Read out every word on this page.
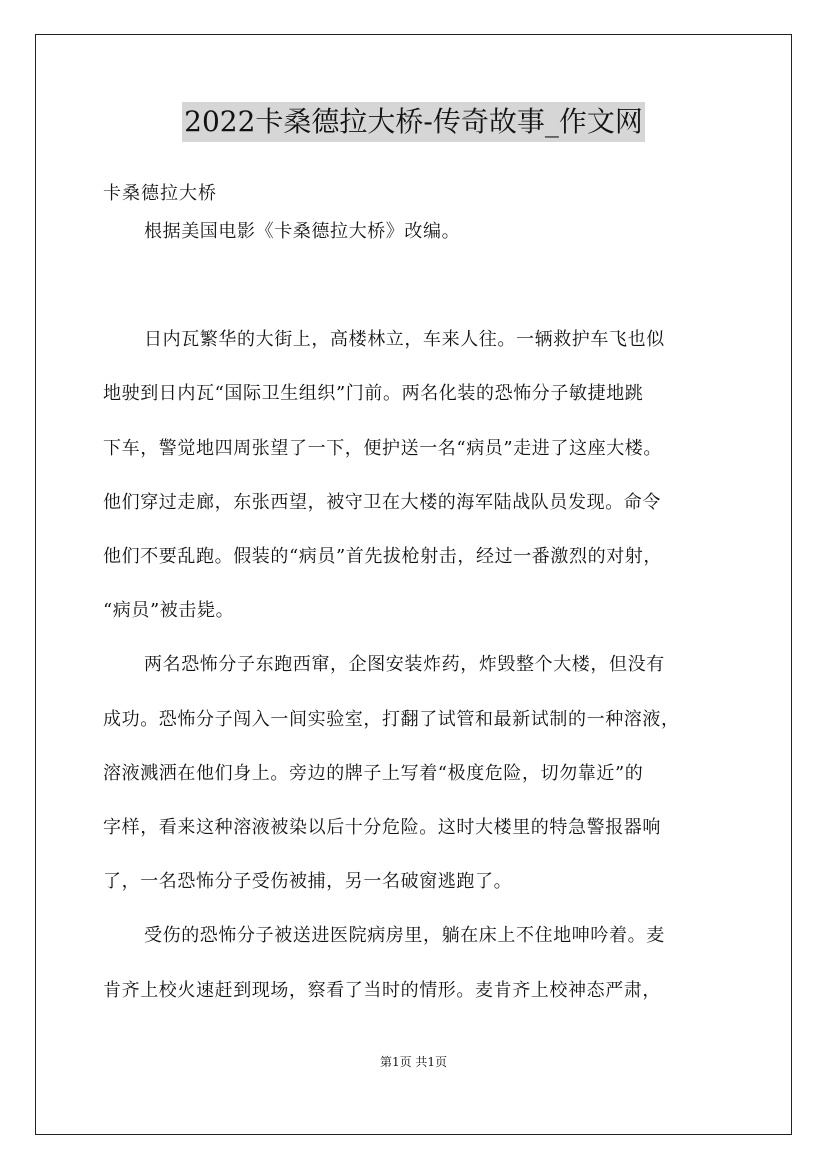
2022卡桑德拉大桥-传奇故事_作文网
卡桑德拉大桥

根据美国电影《卡桑德拉大桥》改编。

日内瓦繁华的大街上，高楼林立，车来人往。一辆救护车飞也似
地驶到日内瓦“国际卫生组织”门前。两名化装的恐怖分子敏捷地跳
下车，警觉地四周张望了一下，便护送一名“病员”走进了这座大楼。
他们穿过走廊，东张西望，被守卫在大楼的海军陆战队员发现。命令
他们不要乱跑。假装的“病员”首先拔枪射击，经过一番激烈的对射，
“病员”被击毙。

两名恐怖分子东跑西窜，企图安装炸药，炸毁整个大楼，但没有
成功。恐怖分子闯入一间实验室，打翻了试管和最新试制的一种溶液，
溶液溅洒在他们身上。旁边的牌子上写着“极度危险，切勿靠近”的
字样，看来这种溶液被染以后十分危险。这时大楼里的特急警报器响
了，一名恐怖分子受伤被捕，另一名破窗逃跑了。

受伤的恐怖分子被送进医院病房里，躺在床上不住地呻吟着。麦
肯齐上校火速赶到现场，察看了当时的情形。麦肯齐上校神态严肃，

第1页 共1页
